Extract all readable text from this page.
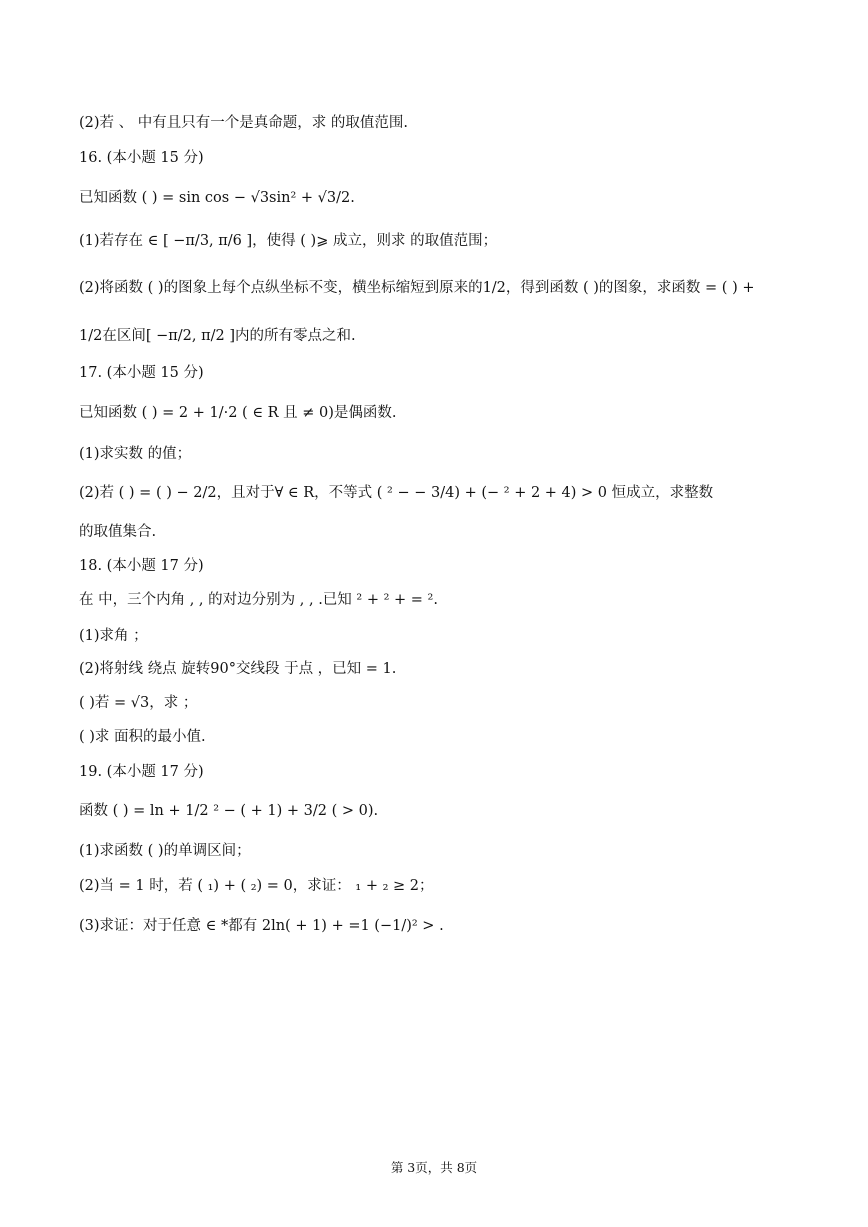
(2)若 、 中有且只有一个是真命题，求 的取值范围.
16. (本小题 15 分)
已知函数 ( ) = sin cos − √3sin² + √3/2.
(1)若存在 ∈ [ −π/3, π/6 ]，使得 ( )⩾ 成立，则求 的取值范围；
(2)将函数 ( )的图象上每个点纵坐标不变，横坐标缩短到原来的1/2，得到函数 ( )的图象，求函数 = ( ) +
1/2在区间[ −π/2, π/2 ]内的所有零点之和.
17. (本小题 15 分)
已知函数 ( ) = 2 + 1/·2 ( ∈ R 且 ≠ 0)是偶函数.
(1)求实数 的值；
(2)若 ( ) = ( ) − 2/2，且对于∀ ∈ R，不等式 ( ² − − 3/4) + (− ² + 2 + 4) > 0 恒成立，求整数
的取值集合.
18. (本小题 17 分)
在 中，三个内角 , , 的对边分别为 , , .已知 ² + ² + = ².
(1)求角 ；
(2)将射线 绕点 旋转90°交线段 于点 ，已知 = 1.
( )若 = √3，求 ；
( )求 面积的最小值.
19. (本小题 17 分)
函数 ( ) = ln + 1/2 ² − ( + 1) + 3/2 ( > 0).
(1)求函数 ( )的单调区间；
(2)当 = 1 时，若 ( ₁) + ( ₂) = 0，求证： ₁ + ₂ ≥ 2；
(3)求证：对于任意 ∈ *都有 2ln( + 1) + =1 (−1/)² > .
第 3页，共 8页
